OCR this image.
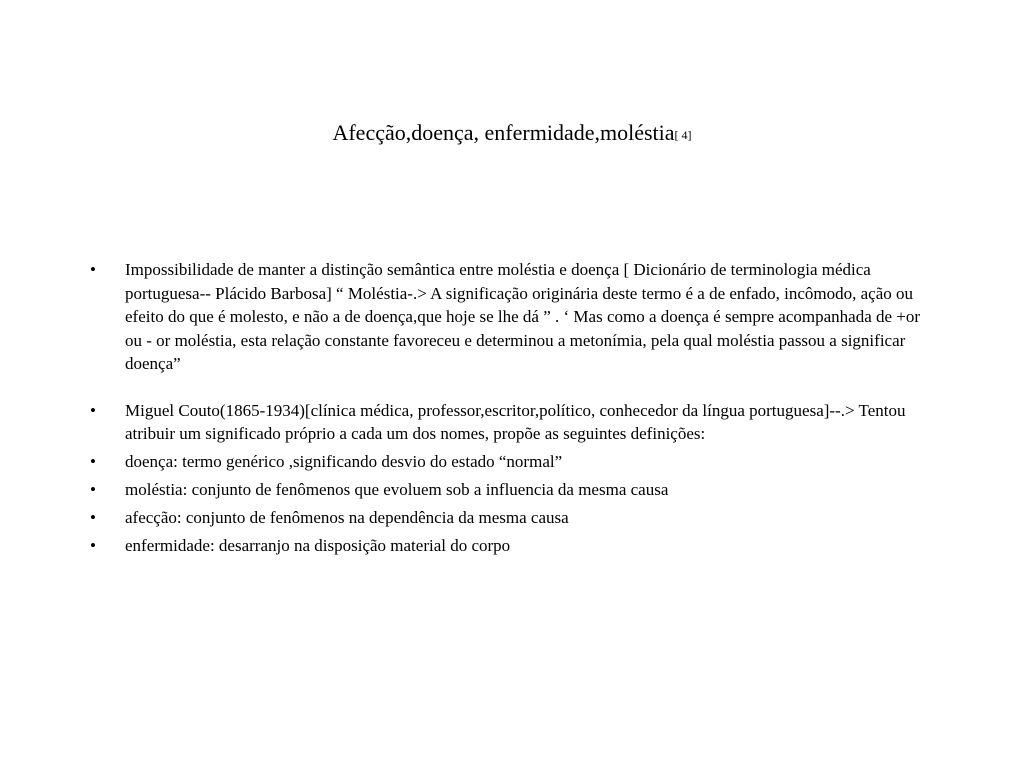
Afecção,doença, enfermidade,moléstia[ 4]
•	Impossibilidade de manter a distinção semântica entre moléstia e doença [ Dicionário de terminologia médica portuguesa-- Plácido Barbosa] “ Moléstia-.> A significação originária deste termo é a de enfado, incômodo, ação ou efeito do que é molesto, e não a de doença,que hoje se lhe dá ” . ‘ Mas como a doença é sempre acompanhada de +or ou - or moléstia, esta relação constante favoreceu e determinou a metonímia, pela qual moléstia passou a significar doença”
•	Miguel Couto(1865-1934)[clínica médica, professor,escritor,político, conhecedor da língua portuguesa]--.> Tentou atribuir um significado próprio a cada um dos nomes, propõe as seguintes definições:
•	doença: termo genérico ,significando desvio do estado “normal”
•	moléstia: conjunto de fenômenos que evoluem sob a influencia da mesma causa
•	afecção: conjunto de fenômenos na dependência da mesma causa
•	enfermidade: desarranjo na disposição material do corpo
